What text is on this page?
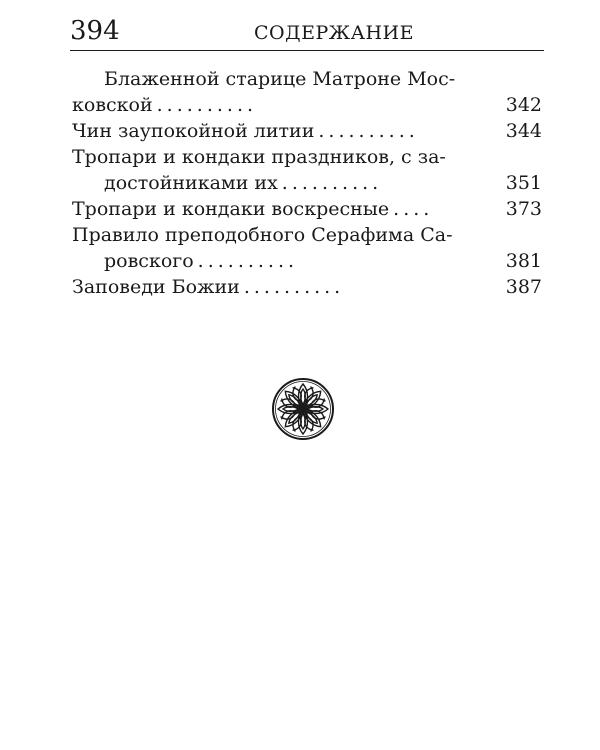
394	СОДЕРЖАНИЕ
Блаженной старице Матроне Мос-
ковской ..........	342
Чин заупокойной литии ..........	344
Тропари и кондаки праздников, с за-
достойниками их ..........	351
Тропари и кондаки воскресные ....	373
Правило преподобного Серафима Са-
ровского ..........	381
Заповеди Божии ..........	387
